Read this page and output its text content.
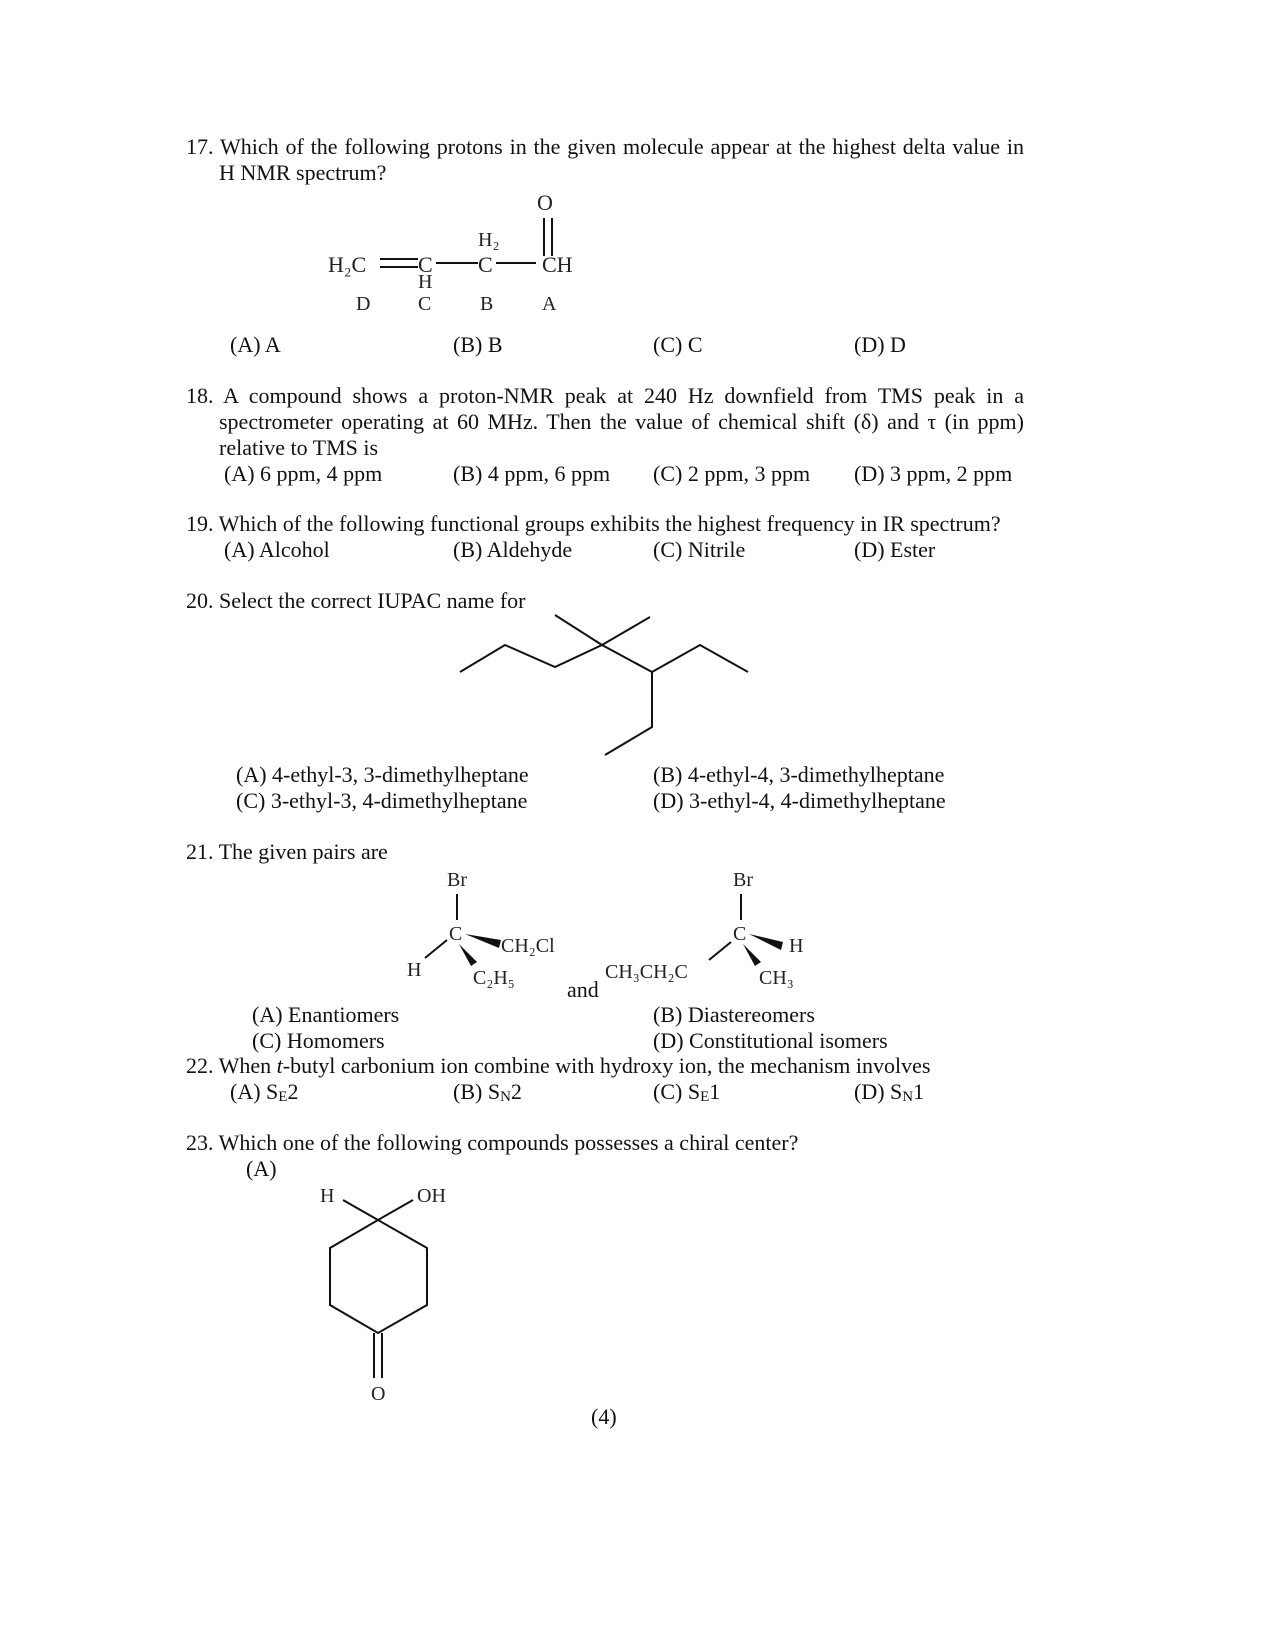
17. Which of the following protons in the given molecule appear at the highest delta value in
H NMR spectrum?
O
H₂
H₂C C C CH
H
D C B A
(A) A	(B) B	(C) C	(D) D
18. A compound shows a proton-NMR peak at 240 Hz downfield from TMS peak in a
spectrometer operating at 60 MHz. Then the value of chemical shift (δ) and τ (in ppm)
relative to TMS is
(A) 6 ppm, 4 ppm	(B) 4 ppm, 6 ppm (C) 2 ppm, 3 ppm (D) 3 ppm, 2 ppm
19. Which of the following functional groups exhibits the highest frequency in IR spectrum?
(A) Alcohol	(B) Aldehyde	(C) Nitrile	(D) Ester
20. Select the correct IUPAC name for
(A) 4-ethyl-3, 3-dimethylheptane	(B) 4-ethyl-4, 3-dimethylheptane
(C) 3-ethyl-3, 4-dimethylheptane	(D) 3-ethyl-4, 4-dimethylheptane
21. The given pairs are
Br
C
H
CH₂Cl
C₂H₅ and
Br
C
CH₃CH₂C
H
CH₃
(A) Enantiomers	(B) Diastereomers
(C) Homomers	(D) Constitutional isomers
22. When t-butyl carbonium ion combine with hydroxy ion, the mechanism involves
(A) SE2	(B) SN2	(C) SE1	(D) SN1
23. Which one of the following compounds possesses a chiral center?
(A)
H	OH
O
(4)
